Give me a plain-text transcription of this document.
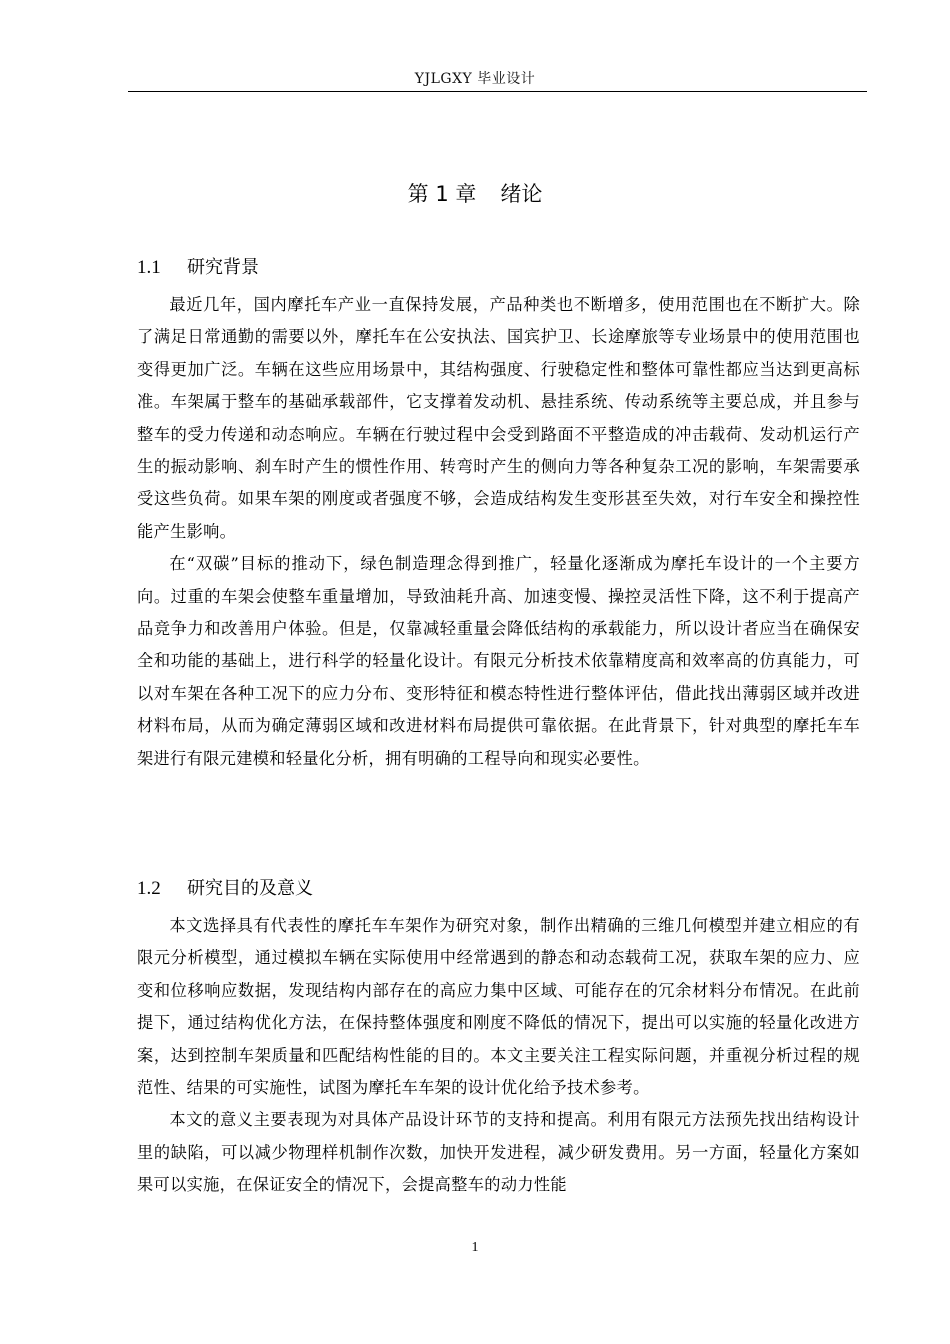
YJLGXY 毕业设计
第 1 章 绪论
1.1 研究背景

最近几年，国内摩托车产业一直保持发展，产品种类也不断增多，使用范围也在不断扩大。除了满足日常通勤的需要以外，摩托车在公安执法、国宾护卫、长途摩旅等专业场景中的使用范围也变得更加广泛。车辆在这些应用场景中，其结构强度、行驶稳定性和整体可靠性都应当达到更高标准。车架属于整车的基础承载部件，它支撑着发动机、悬挂系统、传动系统等主要总成，并且参与整车的受力传递和动态响应。车辆在行驶过程中会受到路面不平整造成的冲击载荷、发动机运行产生的振动影响、刹车时产生的惯性作用、转弯时产生的侧向力等各种复杂工况的影响，车架需要承受这些负荷。如果车架的刚度或者强度不够，会造成结构发生变形甚至失效，对行车安全和操控性能产生影响。

在“双碳”目标的推动下，绿色制造理念得到推广，轻量化逐渐成为摩托车设计的一个主要方向。过重的车架会使整车重量增加，导致油耗升高、加速变慢、操控灵活性下降，这不利于提高产品竞争力和改善用户体验。但是，仅靠减轻重量会降低结构的承载能力，所以设计者应当在确保安全和功能的基础上，进行科学的轻量化设计。有限元分析技术依靠精度高和效率高的仿真能力，可以对车架在各种工况下的应力分布、变形特征和模态特性进行整体评估，借此找出薄弱区域并改进材料布局，从而为确定薄弱区域和改进材料布局提供可靠依据。在此背景下，针对典型的摩托车车架进行有限元建模和轻量化分析，拥有明确的工程导向和现实必要性。

1.2 研究目的及意义

本文选择具有代表性的摩托车车架作为研究对象，制作出精确的三维几何模型并建立相应的有限元分析模型，通过模拟车辆在实际使用中经常遇到的静态和动态载荷工况，获取车架的应力、应变和位移响应数据，发现结构内部存在的高应力集中区域、可能存在的冗余材料分布情况。在此前提下，通过结构优化方法，在保持整体强度和刚度不降低的情况下，提出可以实施的轻量化改进方案，达到控制车架质量和匹配结构性能的目的。本文主要关注工程实际问题，并重视分析过程的规范性、结果的可实施性，试图为摩托车车架的设计优化给予技术参考。

本文的意义主要表现为对具体产品设计环节的支持和提高。利用有限元方法预先找出结构设计里的缺陷，可以减少物理样机制作次数，加快开发进程，减少研发费用。另一方面，轻量化方案如果可以实施，在保证安全的情况下，会提高整车的动力性能

1
